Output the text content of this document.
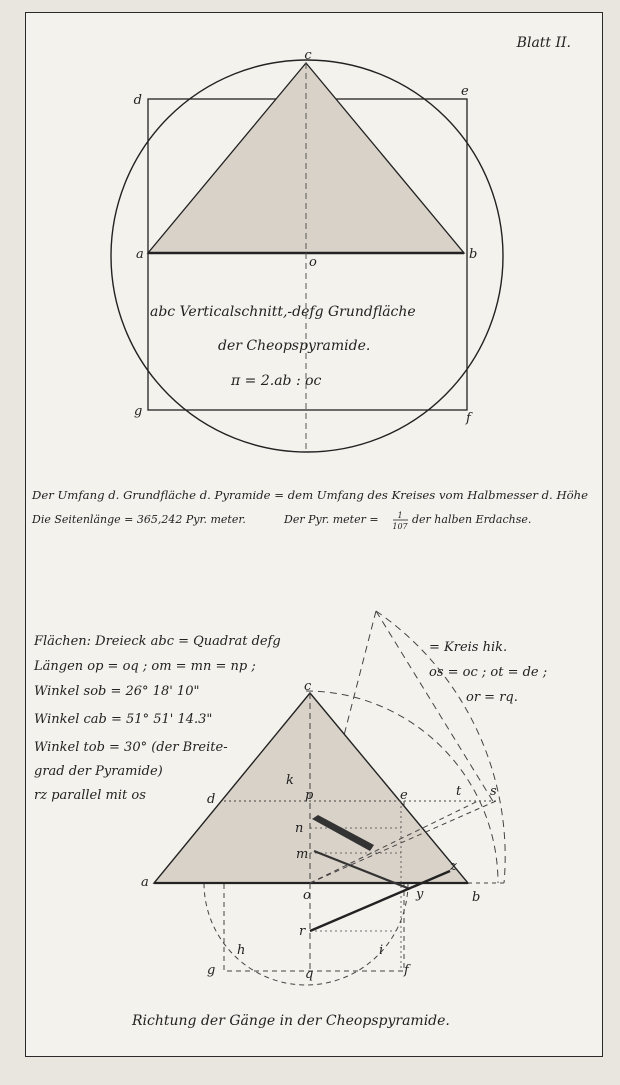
Blatt II.
c
d
e
a	b
o
g	f
abc Verticalschnitt,-defg Grundfläche
der Cheopspyramide.
π = 2.ab : oc
Der Umfang d. Grundfläche d. Pyramide = dem Umfang des Kreises vom Halbmesser d. Höhe
Die Seitenlänge = 365,242 Pyr. meter.	Der Pyr. meter = 1
107
der halben Erdachse.
c
a
b
d	e
f
g
h	i
k
m
n
o
p
q
r
s
t
y
z
Flächen: Dreieck abc = Quadrat defg
Längen op = oq ; om = mn = np ;
Winkel sob = 26° 18' 10"
Winkel cab = 51° 51' 14.3"
Winkel tob = 30° (der Breite-
grad der Pyramide)
rz parallel mit os
= Kreis hik.
os = oc ; ot = de ;
or = rq.
Richtung der Gänge in der Cheopspyramide.
